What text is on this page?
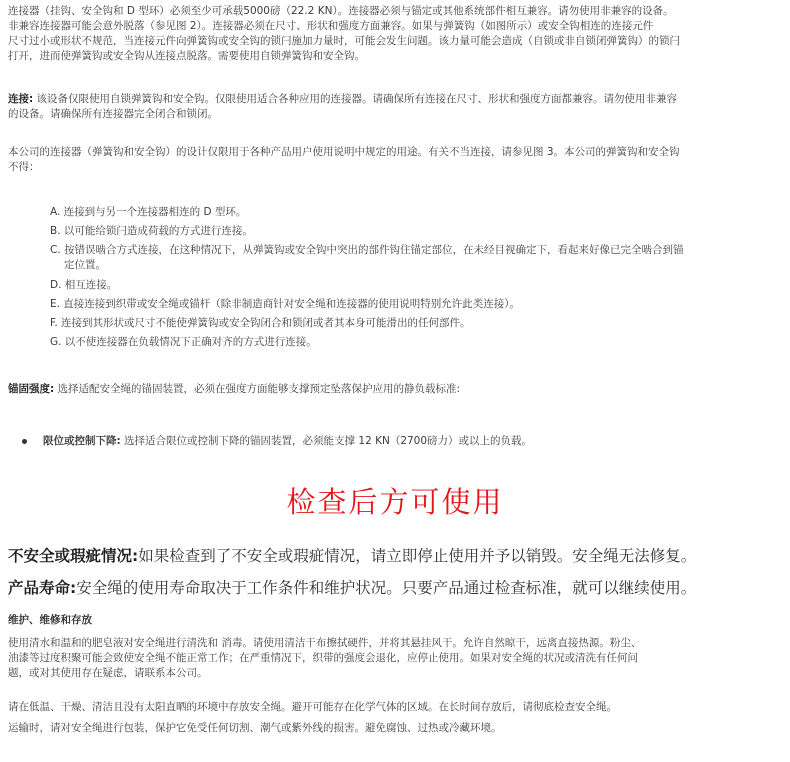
连接器（挂钩、安全钩和 D 型环）必须至少可承载5000磅（22.2 KN）。连接器必须与锚定或其他系统部件相互兼容。请勿使用非兼容的设备。
非兼容连接器可能会意外脱落（参见图 2）。连接器必须在尺寸、形状和强度方面兼容。如果与弹簧钩（如图所示）或安全钩相连的连接元件
尺寸过小或形状不规范，当连接元件向弹簧钩或安全钩的锁闩施加力量时，可能会发生问题。该力量可能会造成（自锁或非自锁闭弹簧钩）的锁闩
打开，进而使弹簧钩或安全钩从连接点脱落。需要使用自锁弹簧钩和安全钩。

连接: 该设备仅限使用自锁弹簧钩和安全钩。仅限使用适合各种应用的连接器。请确保所有连接在尺寸、形状和强度方面都兼容。请勿使用非兼容
的设备。请确保所有连接器完全闭合和锁闭。

本公司的连接器（弹簧钩和安全钩）的设计仅限用于各种产品用户使用说明中规定的用途。有关不当连接，请参见图 3。本公司的弹簧钩和安全钩
不得：

A. 连接到与另一个连接器相连的 D 型环。
B. 以可能给锁闩造成荷载的方式进行连接。
C. 按错误啮合方式连接，在这种情况下，从弹簧钩或安全钩中突出的部件钩住锚定部位，在未经目视确定下，看起来好像已完全啮合到锚
定位置。
D. 相互连接。
E. 直接连接到织带或安全绳或锚杆（除非制造商针对安全绳和连接器的使用说明特别允许此类连接）。
F. 连接到其形状或尺寸不能使弹簧钩或安全钩闭合和锁闭或者其本身可能滑出的任何部件。
G. 以不使连接器在负载情况下正确对齐的方式进行连接。

锚固强度: 选择适配安全绳的锚固装置，必须在强度方面能够支撑预定坠落保护应用的静负载标准:

限位或控制下降: 选择适合限位或控制下降的锚固装置，必须能支撑 12 KN（2700磅力）或以上的负载。
检查后方可使用
不安全或瑕疵情况:如果检查到了不安全或瑕疵情况，请立即停止使用并予以销毁。安全绳无法修复。
产品寿命:安全绳的使用寿命取决于工作条件和维护状况。只要产品通过检查标准，就可以继续使用。
维护、维修和存放

使用清水和温和的肥皂液对安全绳进行清洗和 消毒。请使用清洁干布擦拭硬件，并将其悬挂风干。允许自然晾干，远离直接热源。粉尘、
油漆等过度积聚可能会致使安全绳不能正常工作；在严重情况下，织带的强度会退化，应停止使用。如果对安全绳的状况或清洗有任何问
题，或对其使用存在疑虑，请联系本公司。

请在低温、干燥、清洁且没有太阳直晒的环境中存放安全绳。避开可能存在化学气体的区域。在长时间存放后，请彻底检查安全绳。

运输时，请对安全绳进行包装，保护它免受任何切割、潮气或紫外线的损害。避免腐蚀、过热或冷藏环境。
